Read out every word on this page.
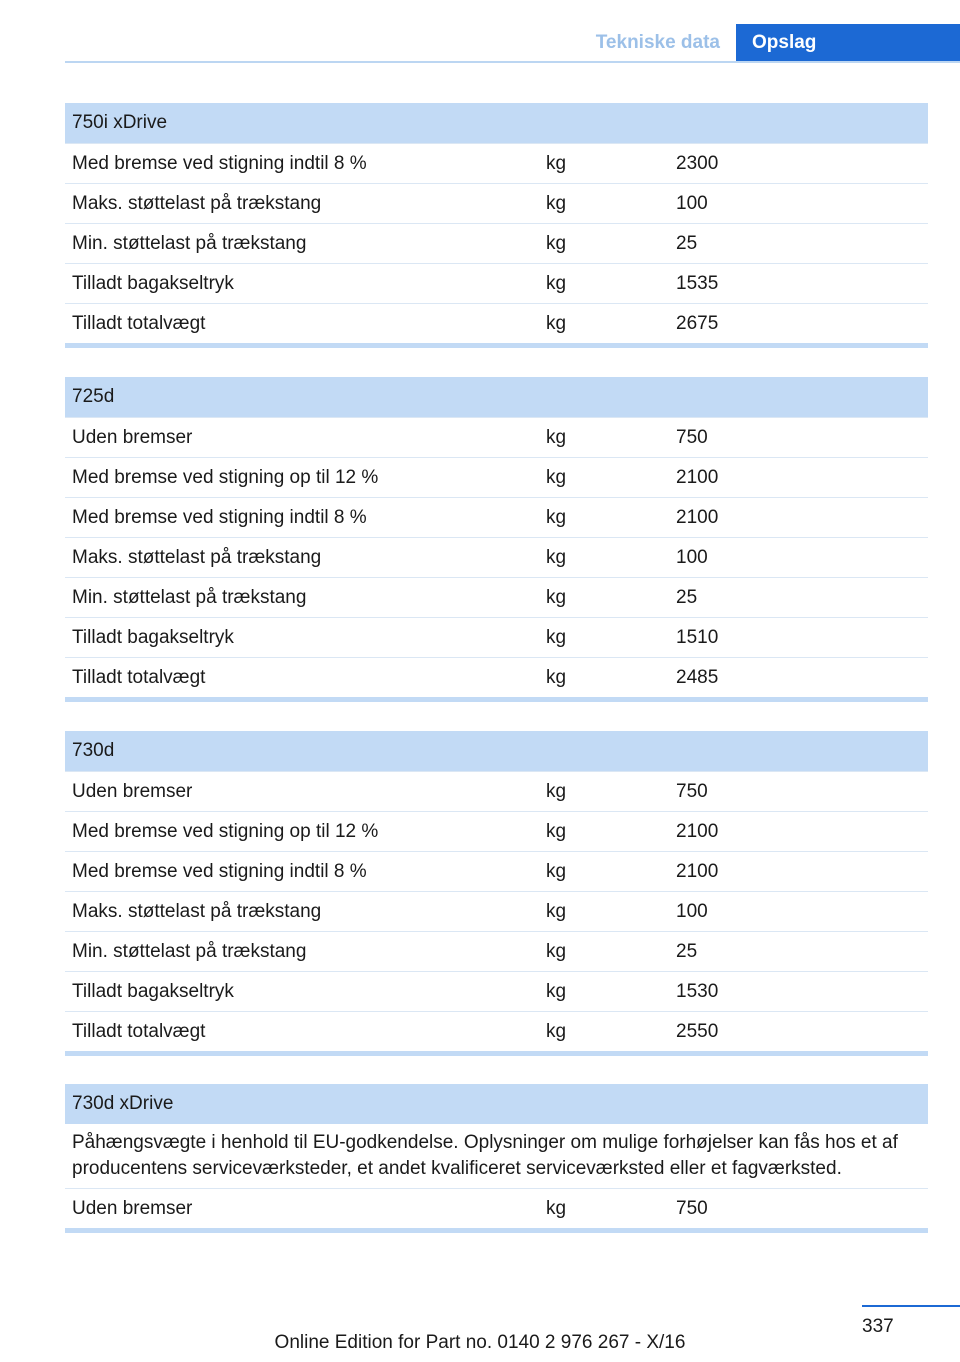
Tekniske data	Opslag
750i xDrive
Med bremse ved stigning indtil 8 %	kg	2300
Maks. støttelast på trækstang	kg	100
Min. støttelast på trækstang	kg	25
Tilladt bagakseltryk	kg	1535
Tilladt totalvægt	kg	2675
725d
Uden bremser	kg	750
Med bremse ved stigning op til 12 %	kg	2100
Med bremse ved stigning indtil 8 %	kg	2100
Maks. støttelast på trækstang	kg	100
Min. støttelast på trækstang	kg	25
Tilladt bagakseltryk	kg	1510
Tilladt totalvægt	kg	2485
730d
Uden bremser	kg	750
Med bremse ved stigning op til 12 %	kg	2100
Med bremse ved stigning indtil 8 %	kg	2100
Maks. støttelast på trækstang	kg	100
Min. støttelast på trækstang	kg	25
Tilladt bagakseltryk	kg	1530
Tilladt totalvægt	kg	2550
730d xDrive
Påhængsvægte i henhold til EU-godkendelse. Oplysninger om mulige forhøjelser kan fås hos et af producentens serviceværksteder, et andet kvalificeret serviceværksted eller et fagværksted.
Uden bremser	kg	750
337
Online Edition for Part no. 0140 2 976 267 - X/16
